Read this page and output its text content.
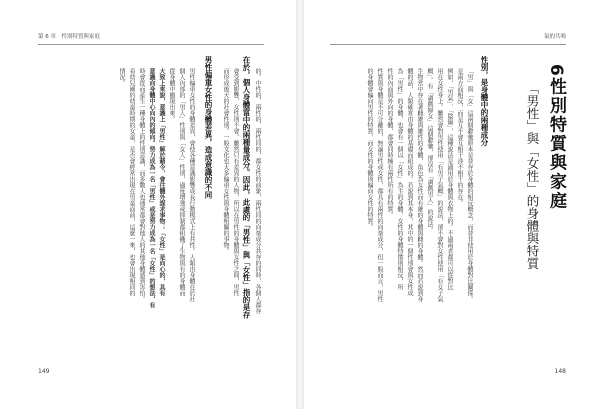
第 6 章　性別特質與家庭

的。中性的、兩性的、兩性同的，都女性的前象，兩性同的向量成分共存的同時，各個人都存

在於，個人身體當中的兩種量成分。因此，此處的「男性」與「女性」指的是存

會受到影響，女性則不會。雖然只有差異的人物，所以在男性的身體與女性之間，男性

而形成後天的社會性別。一般文化也大多偏重女性與身體相關的事物。

男性偏重女性的身體差異，造成意識的不同

男性偏重女性的身體差異，會使各種意識影響成長行動模式上有共性。人類由身體在於社

個人內部的「男人」性別與「女人」性別，過度增強或抑制都組織了生物與有的身體而

從身體中顯現出來。

大致上來說，意識上「男性」解於藉令，會往體外謀求事物；「女性」是向心的，具有

意識向身體中心向內的傾向。努力成為一名「男性」或是努力成為一名「女性」的想法，有

時會從而產生一種身體上的性別意識，而多數人也通常都會對他人的其他身體感到害怕。

看幼兒園的幼童時期的女童，是否會經常出現在男童面前，這麼一來，也會出現相同的

情況。

149
氣的共鳴

6 性別特質與家庭

「男性」與「女性」的身體與特質

性別，是身體中的兩種成分

「男」與「女」這兩個辭彙原本是並存於身體的相反概念，而並非使用於身體對比關係。

是兩方面相反，而是互不會互相干涉不相干的存在。

例如，「男氣」、「陰陽」，這種說法是適用於身體與衣物上的。不過兩者都可以從對比

用在女性身上。雖然會對男性使用「有男子氣概」的說法，卻不會對女性使用「有女子氣

概」。有「調戲婦女」這個辭彙，卻沒有「調戲男人」的說法。

生物當中存在著雌雄與雄性的身體，角色為女性而有雄的身體與雌的身體。然而若說到身

體的話，人類確實由身體的基礎而組成的。若說到其本身，其中的一個性別會與女性成

為「男性」的身體，也會有一個以「女性」為主的身體，女性的身體特徵則相反，所

性的內面與外向的身體，都會同時擁有兩性所有的特質。

性質與身體是不可分離的，無論男性或女性，都具有兩性的向量成分，但一般而言，男性

的身體會偏向男性的特質，而女性的身體則偏向女性的特質。

148
